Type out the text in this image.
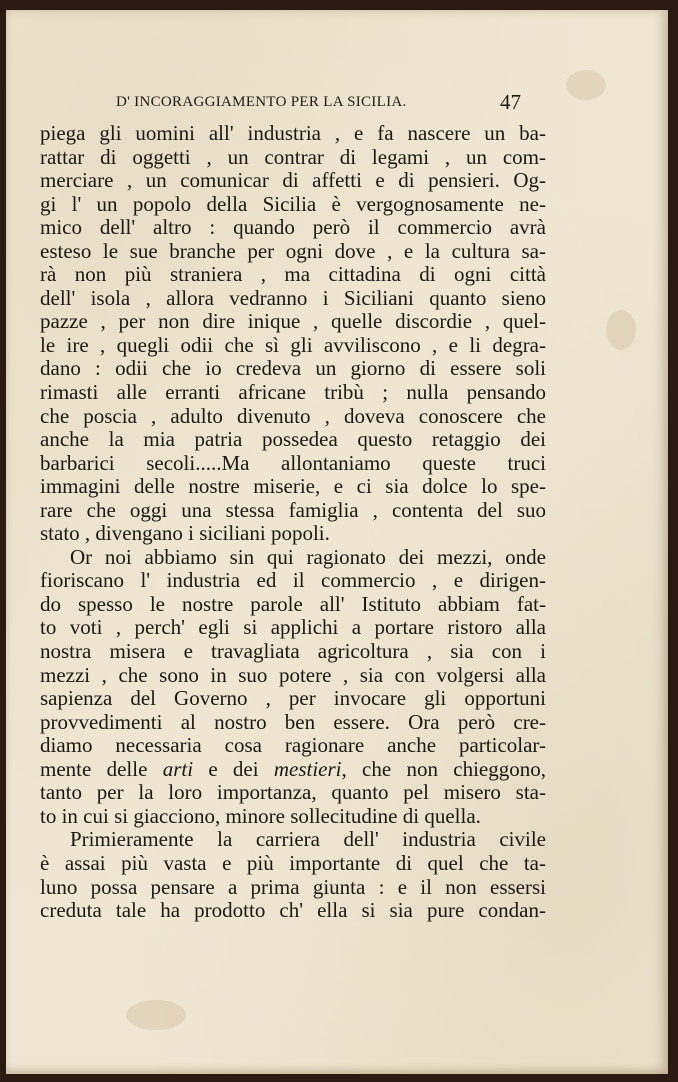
D' INCORAGGIAMENTO PER LA SICILIA.	47
piega gli uomini all' industria , e fa nascere un ba-
rattar di oggetti , un contrar di legami , un com-
merciare , un comunicar di affetti e di pensieri. Og-
gi l' un popolo della Sicilia è vergognosamente ne-
mico dell' altro : quando però il commercio avrà
esteso le sue branche per ogni dove , e la cultura sa-
rà non più straniera , ma cittadina di ogni città
dell' isola , allora vedranno i Siciliani quanto sieno
pazze , per non dire inique , quelle discordie , quel-
le ire , quegli odii che sì gli avviliscono , e li degra-
dano : odii che io credeva un giorno di essere soli
rimasti alle erranti africane tribù ; nulla pensando
che poscia , adulto divenuto , doveva conoscere che
anche la mia patria possedea questo retaggio dei
barbarici secoli.....Ma allontaniamo queste truci
immagini delle nostre miserie, e ci sia dolce lo spe-
rare che oggi una stessa famiglia , contenta del suo
stato , divengano i siciliani popoli.
Or noi abbiamo sin qui ragionato dei mezzi, onde
fioriscano l' industria ed il commercio , e dirigen-
do spesso le nostre parole all' Istituto abbiam fat-
to voti , perch' egli si applichi a portare ristoro alla
nostra misera e travagliata agricoltura , sia con i
mezzi , che sono in suo potere , sia con volgersi alla
sapienza del Governo , per invocare gli opportuni
provvedimenti al nostro ben essere. Ora però cre-
diamo necessaria cosa ragionare anche particolar-
mente delle arti e dei mestieri, che non chieggono,
tanto per la loro importanza, quanto pel misero sta-
to in cui si giacciono, minore sollecitudine di quella.
Primieramente la carriera dell' industria civile
è assai più vasta e più importante di quel che ta-
luno possa pensare a prima giunta : e il non essersi
creduta tale ha prodotto ch' ella si sia pure condan-
